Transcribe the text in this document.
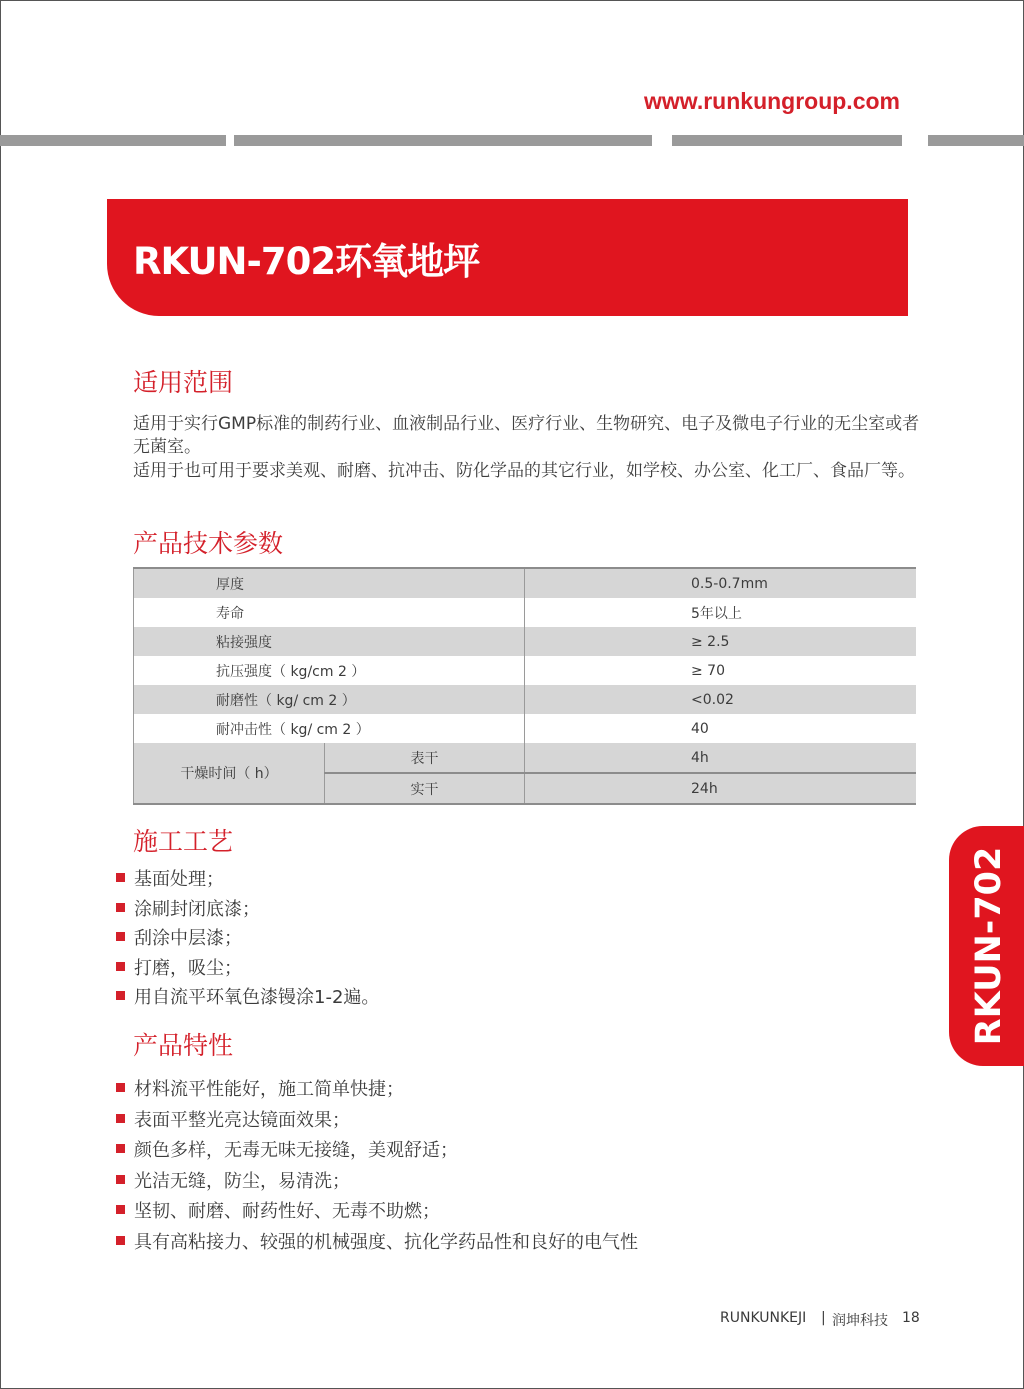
www.runkungroup.com
RKUN-702环氧地坪
适用范围
适用于实行GMP标准的制药行业、血液制品行业、医疗行业、生物研究、电子及微电子行业的无尘室或者无菌室。
适用于也可用于要求美观、耐磨、抗冲击、防化学品的其它行业，如学校、办公室、化工厂、食品厂等。
产品技术参数
厚度		0.5-0.7mm
寿命		5年以上
粘接强度		≥ 2.5
抗压强度（ kg/cm 2 ）		≥ 70
耐磨性（ kg/ cm 2 ）		<0.02
耐冲击性（ kg/ cm 2 ）		40
干燥时间（ h）	表干	4h
	实干	24h
施工工艺
基面处理；
涂刷封闭底漆；
刮涂中层漆；
打磨，吸尘；
用自流平环氧色漆镘涂1-2遍。
产品特性
材料流平性能好，施工简单快捷；
表面平整光亮达镜面效果；
颜色多样，无毒无味无接缝，美观舒适；
光洁无缝，防尘，易清洗；
坚韧、耐磨、耐药性好、无毒不助燃；
具有高粘接力、较强的机械强度、抗化学药品性和良好的电气性
RKUN-702
RUNKUNKEJI | 润坤科技 18
